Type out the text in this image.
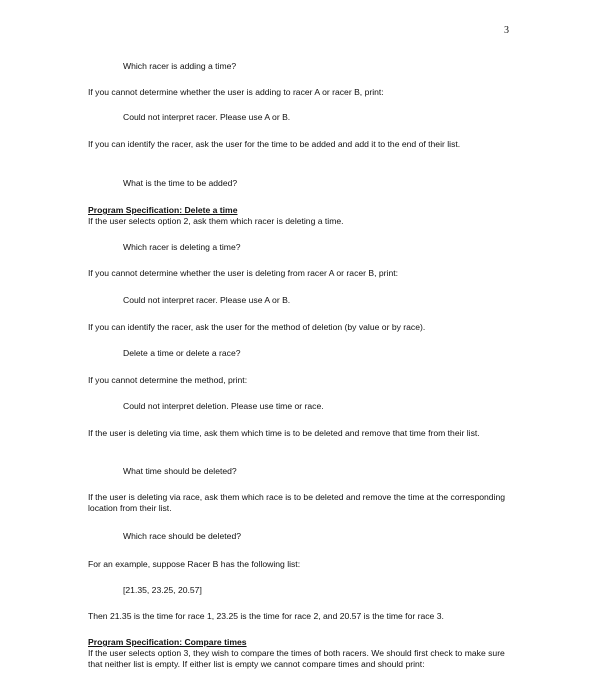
3

Which racer is adding a time?

If you cannot determine whether the user is adding to racer A or racer B, print:

Could not interpret racer. Please use A or B.

If you can identify the racer, ask the user for the time to be added and add it to the end of their list.

What is the time to be added?

Program Specification: Delete a time
If the user selects option 2, ask them which racer is deleting a time.

Which racer is deleting a time?

If you cannot determine whether the user is deleting from racer A or racer B, print:

Could not interpret racer. Please use A or B.

If you can identify the racer, ask the user for the method of deletion (by value or by race).

Delete a time or delete a race?

If you cannot determine the method, print:

Could not interpret deletion. Please use time or race.

If the user is deleting via time, ask them which time is to be deleted and remove that time from their list.

What time should be deleted?

If the user is deleting via race, ask them which race is to be deleted and remove the time at the corresponding location from their list.

Which race should be deleted?

For an example, suppose Racer B has the following list:

[21.35, 23.25, 20.57]

Then 21.35 is the time for race 1, 23.25 is the time for race 2, and 20.57 is the time for race 3.

Program Specification: Compare times
If the user selects option 3, they wish to compare the times of both racers. We should first check to make sure that neither list is empty. If either list is empty we cannot compare times and should print:
